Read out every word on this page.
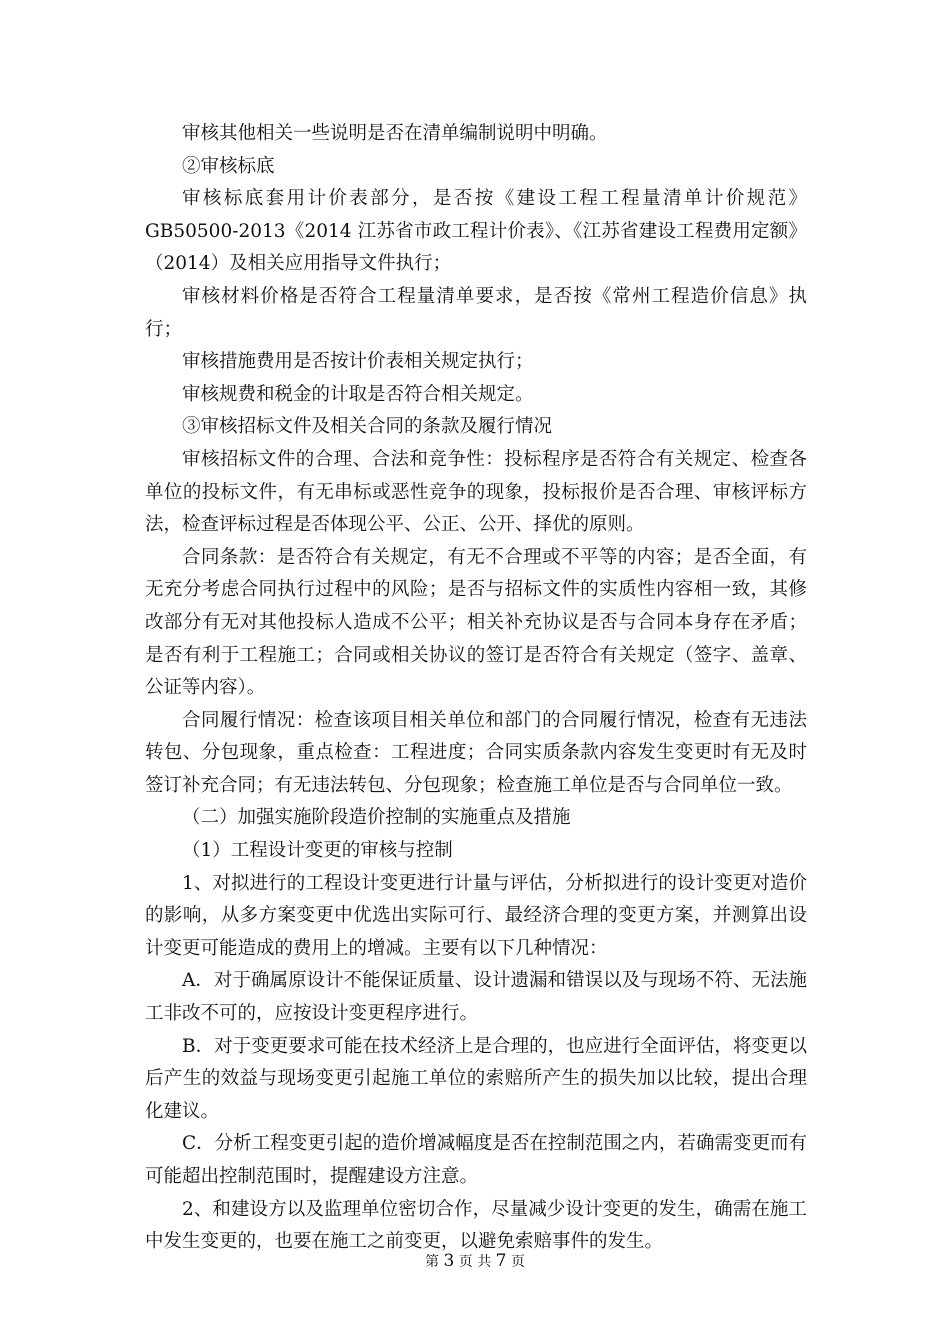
审核其他相关一些说明是否在清单编制说明中明确。

②审核标底

审核标底套用计价表部分，是否按《建设工程工程量清单计价规范》GB50500-2013《2014 江苏省市政工程计价表》、《江苏省建设工程费用定额》（2014）及相关应用指导文件执行；

审核材料价格是否符合工程量清单要求，是否按《常州工程造价信息》执行；

审核措施费用是否按计价表相关规定执行；

审核规费和税金的计取是否符合相关规定。

③审核招标文件及相关合同的条款及履行情况

审核招标文件的合理、合法和竞争性：投标程序是否符合有关规定、检查各单位的投标文件，有无串标或恶性竞争的现象，投标报价是否合理、审核评标方法，检查评标过程是否体现公平、公正、公开、择优的原则。

合同条款：是否符合有关规定，有无不合理或不平等的内容；是否全面，有无充分考虑合同执行过程中的风险；是否与招标文件的实质性内容相一致，其修改部分有无对其他投标人造成不公平；相关补充协议是否与合同本身存在矛盾；是否有利于工程施工；合同或相关协议的签订是否符合有关规定（签字、盖章、公证等内容）。

合同履行情况：检查该项目相关单位和部门的合同履行情况，检查有无违法转包、分包现象，重点检查：工程进度；合同实质条款内容发生变更时有无及时签订补充合同；有无违法转包、分包现象；检查施工单位是否与合同单位一致。

（二）加强实施阶段造价控制的实施重点及措施

（1）工程设计变更的审核与控制

1、对拟进行的工程设计变更进行计量与评估，分析拟进行的设计变更对造价的影响，从多方案变更中优选出实际可行、最经济合理的变更方案，并测算出设计变更可能造成的费用上的增减。主要有以下几种情况：

A．对于确属原设计不能保证质量、设计遗漏和错误以及与现场不符、无法施工非改不可的，应按设计变更程序进行。

B．对于变更要求可能在技术经济上是合理的，也应进行全面评估，将变更以后产生的效益与现场变更引起施工单位的索赔所产生的损失加以比较，提出合理化建议。

C．分析工程变更引起的造价增减幅度是否在控制范围之内，若确需变更而有可能超出控制范围时，提醒建设方注意。

2、和建设方以及监理单位密切合作，尽量减少设计变更的发生，确需在施工中发生变更的，也要在施工之前变更，以避免索赔事件的发生。

第 3 页 共 7 页
